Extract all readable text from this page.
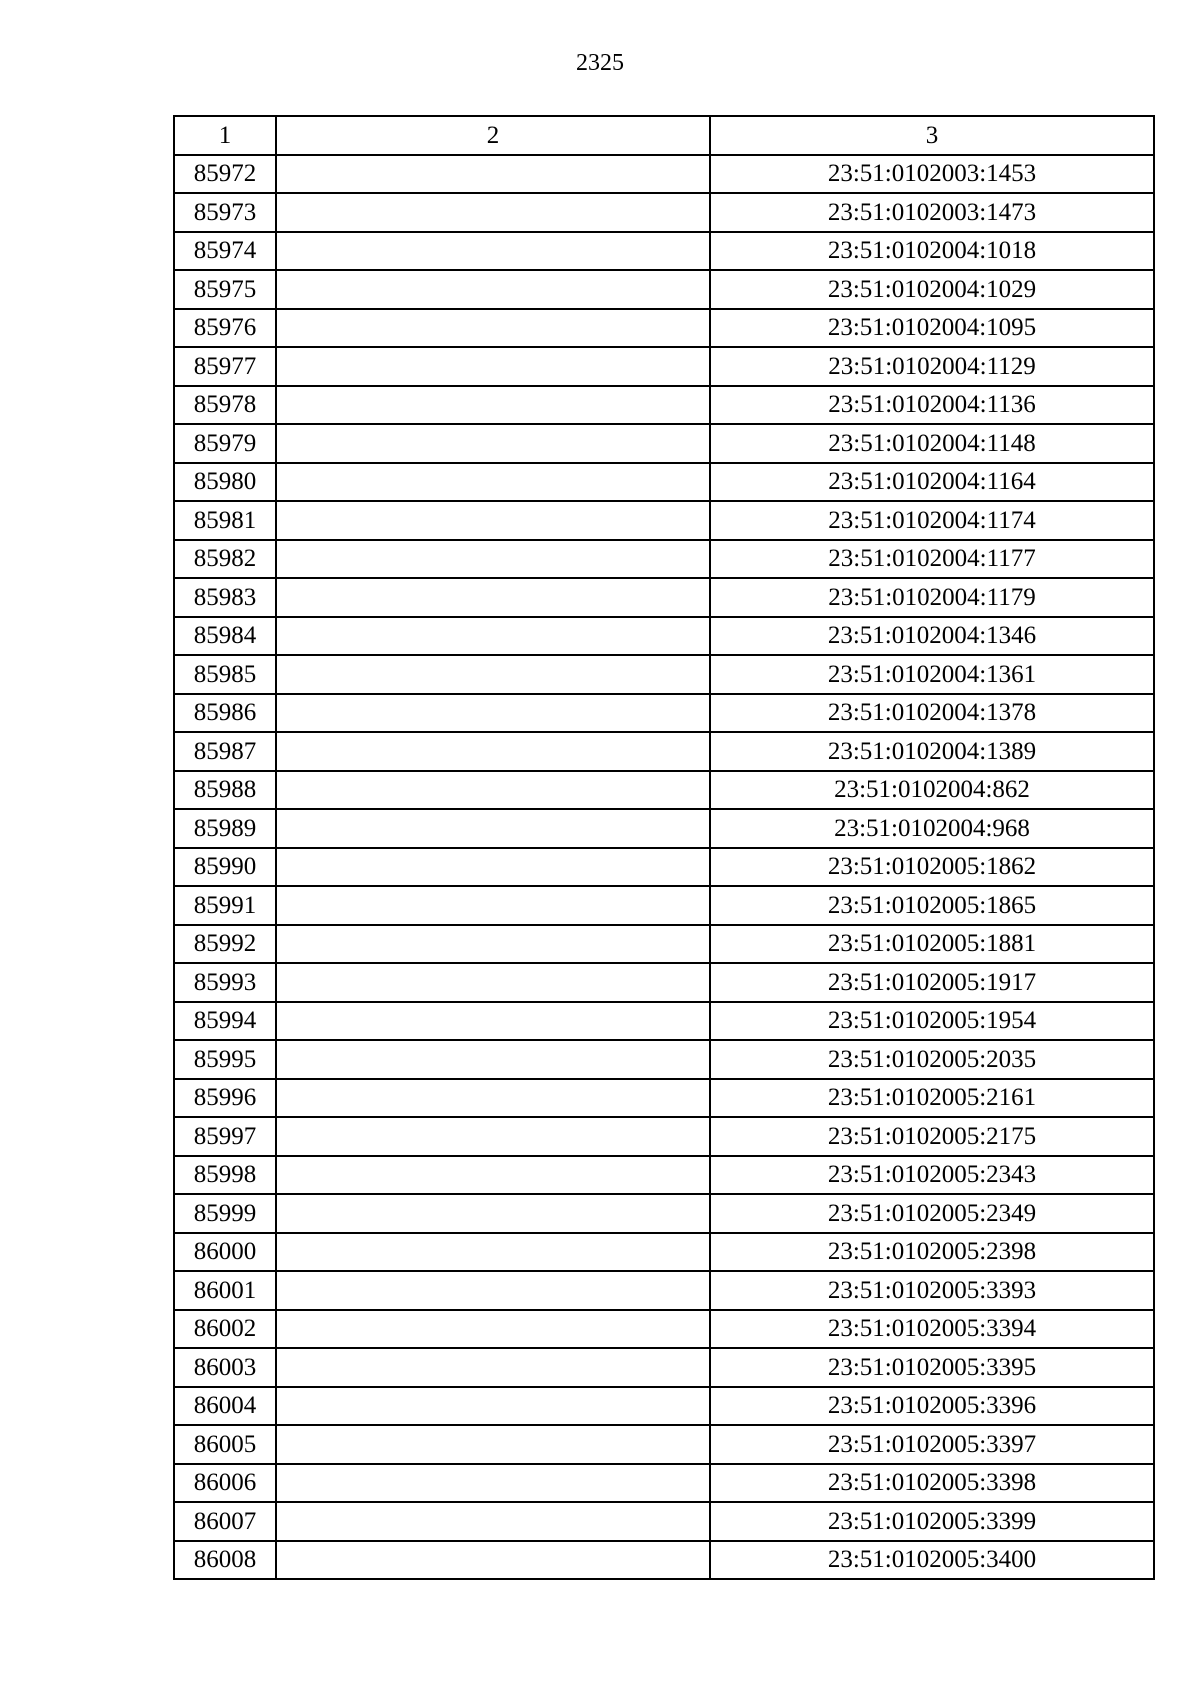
2325
1	2	3
85972		23:51:0102003:1453
85973		23:51:0102003:1473
85974		23:51:0102004:1018
85975		23:51:0102004:1029
85976		23:51:0102004:1095
85977		23:51:0102004:1129
85978		23:51:0102004:1136
85979		23:51:0102004:1148
85980		23:51:0102004:1164
85981		23:51:0102004:1174
85982		23:51:0102004:1177
85983		23:51:0102004:1179
85984		23:51:0102004:1346
85985		23:51:0102004:1361
85986		23:51:0102004:1378
85987		23:51:0102004:1389
85988		23:51:0102004:862
85989		23:51:0102004:968
85990		23:51:0102005:1862
85991		23:51:0102005:1865
85992		23:51:0102005:1881
85993		23:51:0102005:1917
85994		23:51:0102005:1954
85995		23:51:0102005:2035
85996		23:51:0102005:2161
85997		23:51:0102005:2175
85998		23:51:0102005:2343
85999		23:51:0102005:2349
86000		23:51:0102005:2398
86001		23:51:0102005:3393
86002		23:51:0102005:3394
86003		23:51:0102005:3395
86004		23:51:0102005:3396
86005		23:51:0102005:3397
86006		23:51:0102005:3398
86007		23:51:0102005:3399
86008		23:51:0102005:3400
